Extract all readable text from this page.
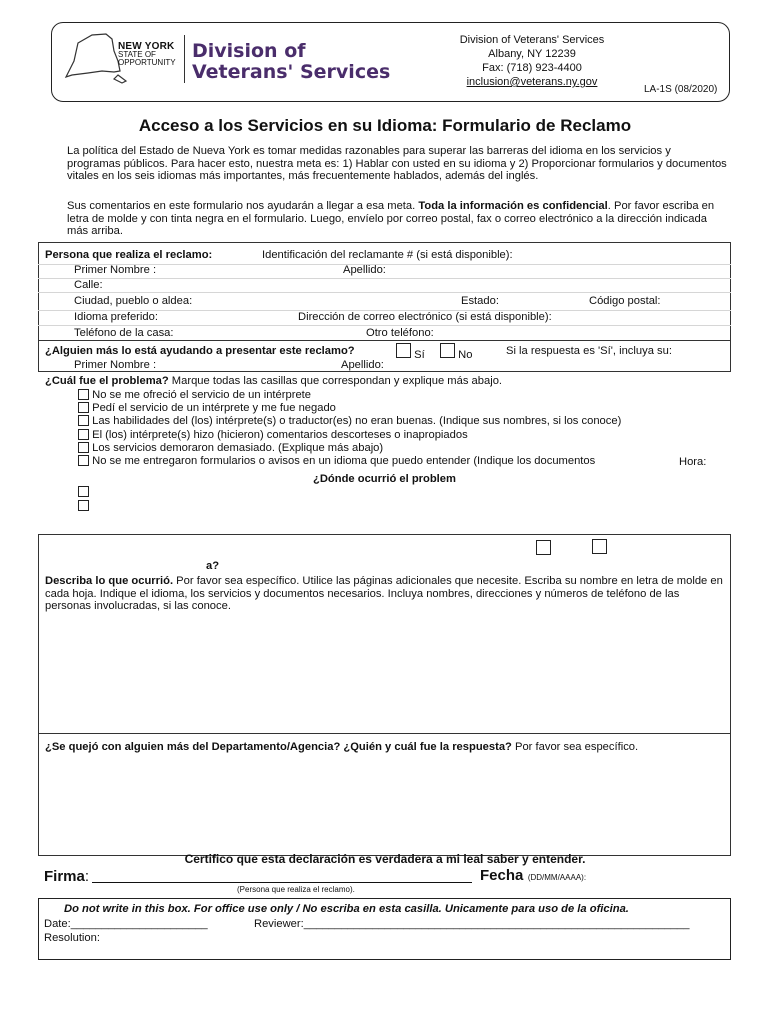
NEW YORK
STATE OF
OPPORTUNITY
Division of
Veterans' Services
Division of Veterans' Services
Albany, NY 12239
Fax: (718) 923-4400
inclusion@veterans.ny.gov
LA-1S (08/2020)
Acceso a los Servicios en su Idioma: Formulario de Reclamo
La política del Estado de Nueva York es tomar medidas razonables para superar las barreras del idioma en los servicios y programas públicos. Para hacer esto, nuestra meta es: 1) Hablar con usted en su idioma y 2) Proporcionar formularios y documentos vitales en los seis idiomas más importantes, más frecuentemente hablados, además del inglés.
Sus comentarios en este formulario nos ayudarán a llegar a esa meta. Toda la información es confidencial. Por favor escriba en letra de molde y con tinta negra en el formulario. Luego, envíelo por correo postal, fax o correo electrónico a la dirección indicada más arriba.
Persona que realiza el reclamo:	Identificación del reclamante # (si está disponible):
Primer Nombre :	Apellido:
Calle:
Ciudad, pueblo o aldea:	Estado:	Código postal:
Idioma preferido:	Dirección de correo electrónico (si está disponible):
Teléfono de la casa:	Otro teléfono:
¿Alguien más lo está ayudando a presentar este reclamo?	Sí	No	Si la respuesta es 'Sí', incluya su:
Primer Nombre :	Apellido:
¿Cuál fue el problema? Marque todas las casillas que correspondan y explique más abajo.
No se me ofreció el servicio de un intérprete
Pedí el servicio de un intérprete y me fue negado
Las habilidades del (los) intérprete(s) o traductor(es) no eran buenas. (Indique sus nombres, si los conoce)
El (los) intérprete(s) hizo (hicieron) comentarios descorteses o inapropiados
Los servicios demoraron demasiado. (Explique más abajo)
No se me entregaron formularios o avisos en un idioma que puedo entender (Indique los documentos	Hora:
¿Dónde ocurrió el problem
a?
Describa lo que ocurrió. Por favor sea específico. Utilice las páginas adicionales que necesite. Escriba su nombre en letra de molde en cada hoja. Indique el idioma, los servicios y documentos necesarios. Incluya nombres, direcciones y números de teléfono de las personas involucradas, si las conoce.
¿Se quejó con alguien más del Departamento/Agencia? ¿Quién y cuál fue la respuesta? Por favor sea específico.
Certifico que esta declaración es verdadera a mi leal saber y entender.
Firma:
(Persona que realiza el reclamo).
Fecha (DD/MM/AAAA):
Do not write in this box. For office use only / No escriba en esta casilla. Unicamente para uso de la oficina.
Date:______________________	Reviewer:______________________________________________________________
Resolution:
